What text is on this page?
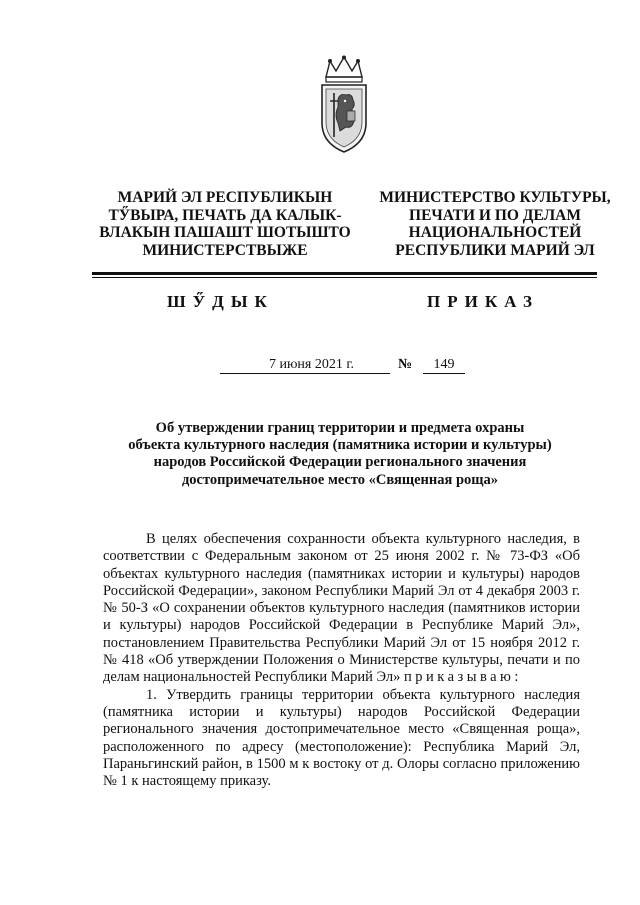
МАРИЙ ЭЛ РЕСПУБЛИКЫН
ТӲВЫРА, ПЕЧАТЬ ДА КАЛЫК-
ВЛАКЫН ПАШАШТ ШОТЫШТО
МИНИСТЕРСТВЫЖЕ
МИНИСТЕРСТВО КУЛЬТУРЫ,
ПЕЧАТИ И ПО ДЕЛАМ
НАЦИОНАЛЬНОСТЕЙ
РЕСПУБЛИКИ МАРИЙ ЭЛ
ШӲДЫК	ПРИКАЗ
7 июня 2021 г.	№	149
Об утверждении границ территории и предмета охраны
объекта культурного наследия (памятника истории и культуры)
народов Российской Федерации регионального значения
достопримечательное место «Священная роща»

В целях обеспечения сохранности объекта культурного наследия, в соответствии с Федеральным законом от 25 июня 2002 г. № 73-ФЗ «Об объектах культурного наследия (памятниках истории и культуры) народов Российской Федерации», законом Республики Марий Эл от 4 декабря 2003 г. № 50-З «О сохранении объектов культурного наследия (памятников истории и культуры) народов Российской Федерации в Республике Марий Эл», постановлением Правительства Республики Марий Эл от 15 ноября 2012 г. № 418 «Об утверждении Положения о Министерстве культуры, печати и по делам национальностей Республики Марий Эл» приказываю:

1. Утвердить границы территории объекта культурного наследия (памятника истории и культуры) народов Российской Федерации регионального значения достопримечательное место «Священная роща», расположенного по адресу (местоположение): Республика Марий Эл, Параньгинский район, в 1500 м к востоку от д. Олоры согласно приложению № 1 к настоящему приказу.
